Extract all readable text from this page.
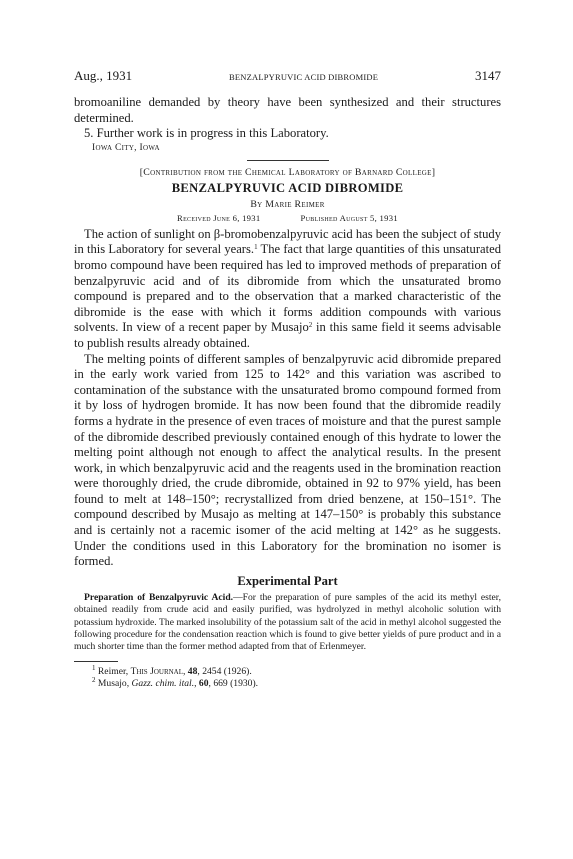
Aug., 1931	BENZALPYRUVIC ACID DIBROMIDE	3147

bromoaniline demanded by theory have been synthesized and their structures determined.

5. Further work is in progress in this Laboratory.

Iowa City, Iowa
[Contribution from the Chemical Laboratory of Barnard College]
BENZALPYRUVIC ACID DIBROMIDE
By Marie Reimer
Received June 6, 1931	Published August 5, 1931

The action of sunlight on β-bromobenzalpyruvic acid has been the subject of study in this Laboratory for several years.$^1$ The fact that large quantities of this unsaturated bromo compound have been required has led to improved methods of preparation of benzalpyruvic acid and of its dibromide from which the unsaturated bromo compound is prepared and to the observation that a marked characteristic of the dibromide is the ease with which it forms addition compounds with various solvents. In view of a recent paper by Musajo$^2$ in this same field it seems advisable to publish results already obtained.

The melting points of different samples of benzalpyruvic acid dibromide prepared in the early work varied from 125 to 142° and this variation was ascribed to contamination of the substance with the unsaturated bromo compound formed from it by loss of hydrogen bromide. It has now been found that the dibromide readily forms a hydrate in the presence of even traces of moisture and that the purest sample of the dibromide described previously contained enough of this hydrate to lower the melting point although not enough to affect the analytical results. In the present work, in which benzalpyruvic acid and the reagents used in the bromination reaction were thoroughly dried, the crude dibromide, obtained in 92 to 97% yield, has been found to melt at 148–150°; recrystallized from dried benzene, at 150–151°. The compound described by Musajo as melting at 147–150° is probably this substance and is certainly not a racemic isomer of the acid melting at 142° as he suggests. Under the conditions used in this Laboratory for the bromination no isomer is formed.

Experimental Part

Preparation of Benzalpyruvic Acid.—For the preparation of pure samples of the acid its methyl ester, obtained readily from crude acid and easily purified, was hydrolyzed in methyl alcoholic solution with potassium hydroxide. The marked insolubility of the potassium salt of the acid in methyl alcohol suggested the following procedure for the condensation reaction which is found to give better yields of pure product and in a much shorter time than the former method adapted from that of Erlenmeyer.

$^1$ Reimer, This Journal, 48, 2454 (1926).

$^2$ Musajo, Gazz. chim. ital., 60, 669 (1930).
